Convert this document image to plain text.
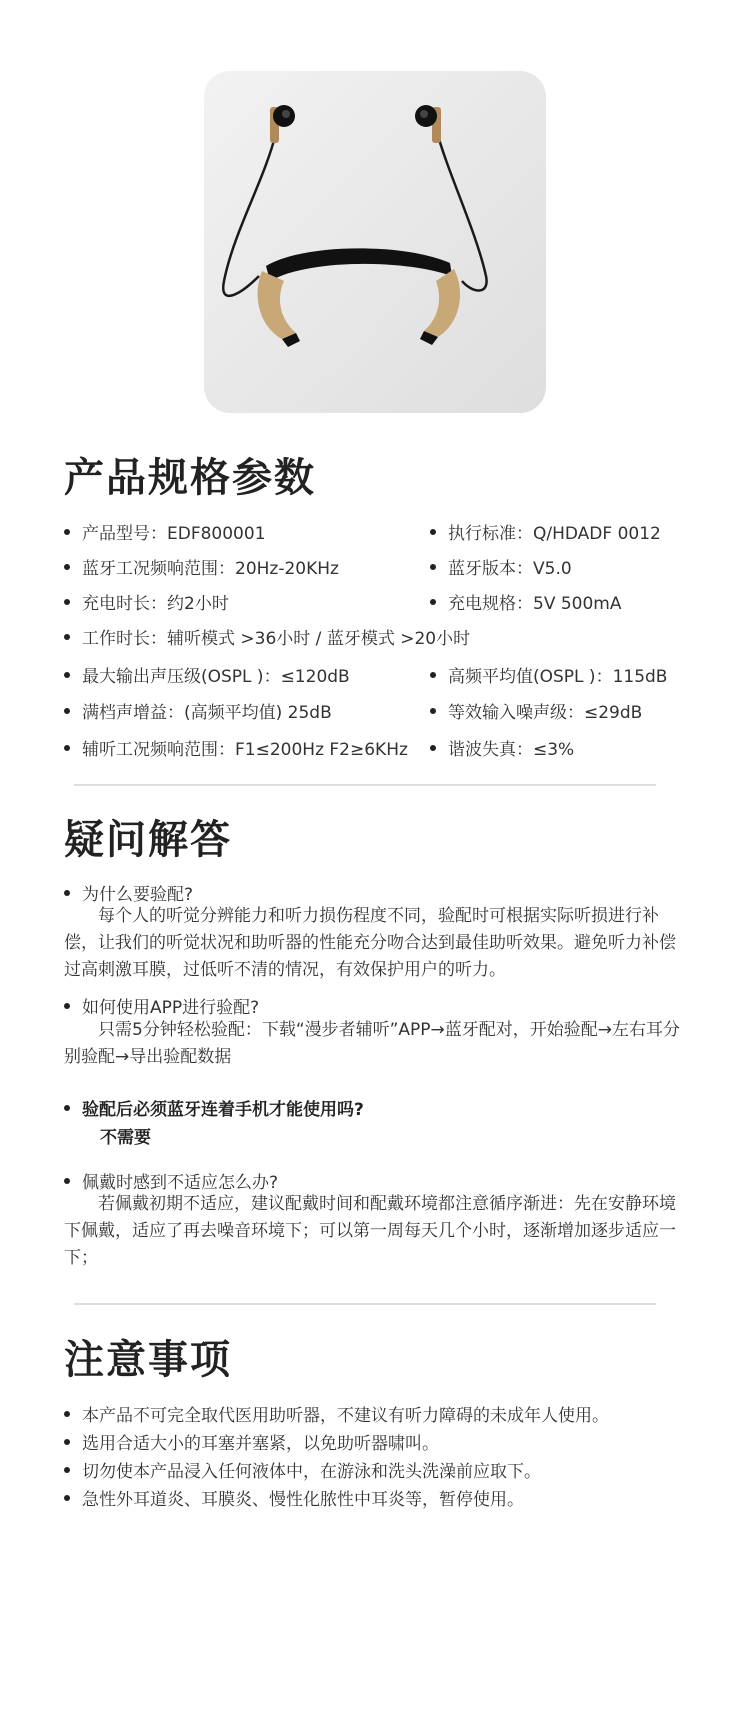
产品规格参数
产品型号：EDF800001	执行标准：Q/HDADF 0012
蓝牙工况频响范围：20Hz-20KHz	蓝牙版本：V5.0
充电时长：约2小时	充电规格：5V 500mA
工作时长：辅听模式 >36小时 / 蓝牙模式 >20小时
最大输出声压级(OSPL )：≤120dB	高频平均值(OSPL )：115dB
满档声增益：(高频平均值) 25dB	等效输入噪声级：≤29dB
辅听工况频响范围：F1≤200Hz F2≥6KHz	谐波失真：≤3%
疑问解答
为什么要验配?
每个人的听觉分辨能力和听力损伤程度不同，验配时可根据实际听损进行补偿，让我们的听觉状况和助听器的性能充分吻合达到最佳助听效果。避免听力补偿过高刺激耳膜，过低听不清的情况，有效保护用户的听力。
如何使用APP进行验配?
只需5分钟轻松验配：下载“漫步者辅听”APP→蓝牙配对，开始验配→左右耳分别验配→导出验配数据
验配后必须蓝牙连着手机才能使用吗?
不需要
佩戴时感到不适应怎么办?
若佩戴初期不适应，建议配戴时间和配戴环境都注意循序渐进：先在安静环境下佩戴，适应了再去噪音环境下；可以第一周每天几个小时，逐渐增加逐步适应一下；
注意事项
本产品不可完全取代医用助听器，不建议有听力障碍的未成年人使用。
选用合适大小的耳塞并塞紧，以免助听器啸叫。
切勿使本产品浸入任何液体中，在游泳和洗头洗澡前应取下。
急性外耳道炎、耳膜炎、慢性化脓性中耳炎等，暂停使用。
